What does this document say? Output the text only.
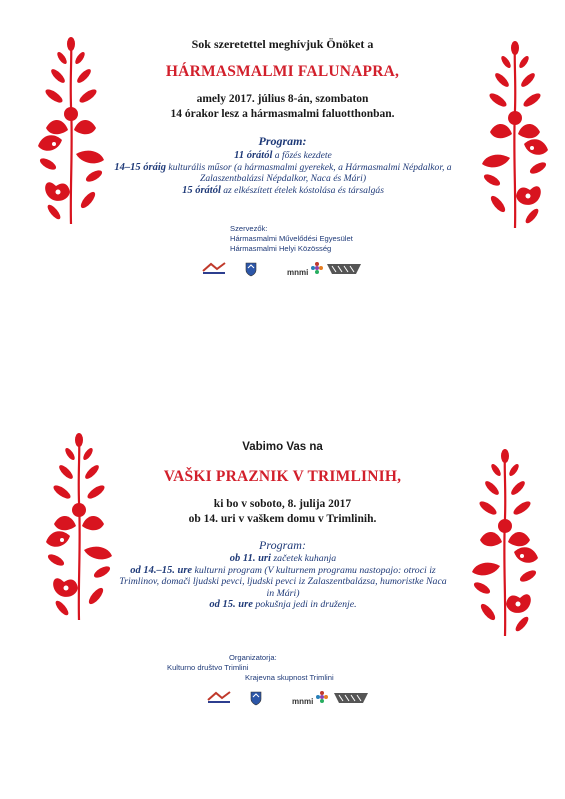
Sok szeretettel meghívjuk Önöket a
HÁRMASMALMI FALUNAPRA,
amely 2017. július 8-án, szombaton
14 órakor lesz a hármasmalmi faluotthonban.
Program:
11 órától a főzés kezdete
14–15 óráig kulturális műsor (a hármasmalmi gyerekek, a Hármasmalmi Népdalkor, a Zalaszentbalázsi Népdalkor, Naca és Mári)
15 órától az elkészített ételek kóstolása és társalgás
Szervezők:
Hármasmalmi Művelődési Egyesület
Hármasmalmi Helyi Közösség
mnmi
Vabimo Vas na
VAŠKI PRAZNIK V TRIMLINIH,
ki bo v soboto, 8. julija 2017
ob 14. uri v vaškem domu v Trimlinih.
Program:
ob 11. uri začetek kuhanja
od 14.–15. ure kulturni program (V kulturnem programu nastopajo: otroci iz Trimlinov, domači ljudski pevci, ljudski pevci iz Zalaszentbalázsa, humoristke Naca in Mári)
od 15. ure pokušnja jedi in druženje.
Organizatorja:
Kulturno društvo Trimlini
Krajevna skupnost Trimlini
mnmi
